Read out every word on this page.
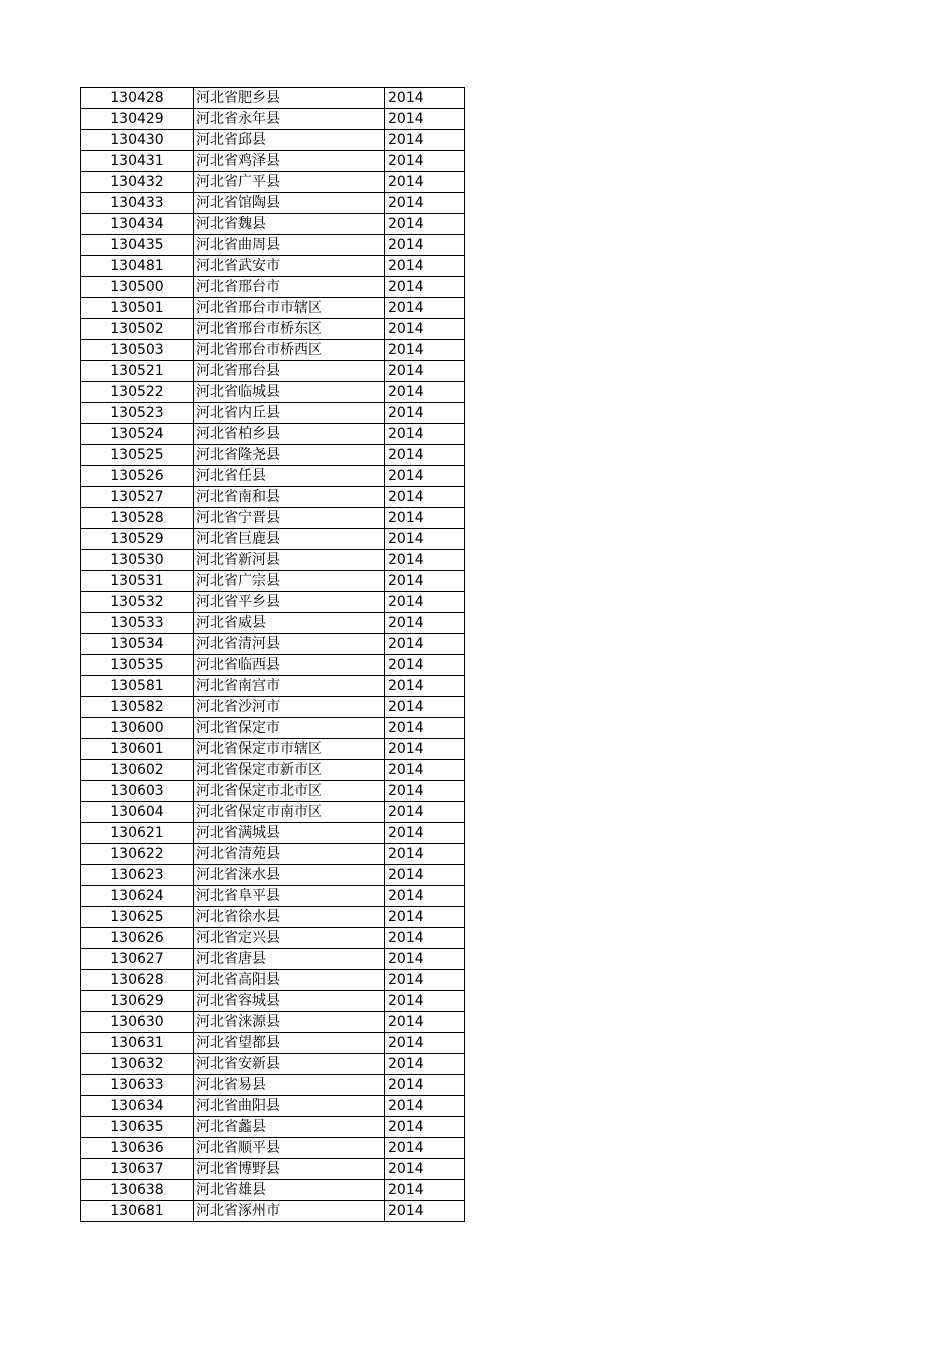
130428	河北省肥乡县	2014
130429	河北省永年县	2014
130430	河北省邱县	2014
130431	河北省鸡泽县	2014
130432	河北省广平县	2014
130433	河北省馆陶县	2014
130434	河北省魏县	2014
130435	河北省曲周县	2014
130481	河北省武安市	2014
130500	河北省邢台市	2014
130501	河北省邢台市市辖区	2014
130502	河北省邢台市桥东区	2014
130503	河北省邢台市桥西区	2014
130521	河北省邢台县	2014
130522	河北省临城县	2014
130523	河北省内丘县	2014
130524	河北省柏乡县	2014
130525	河北省隆尧县	2014
130526	河北省任县	2014
130527	河北省南和县	2014
130528	河北省宁晋县	2014
130529	河北省巨鹿县	2014
130530	河北省新河县	2014
130531	河北省广宗县	2014
130532	河北省平乡县	2014
130533	河北省威县	2014
130534	河北省清河县	2014
130535	河北省临西县	2014
130581	河北省南宫市	2014
130582	河北省沙河市	2014
130600	河北省保定市	2014
130601	河北省保定市市辖区	2014
130602	河北省保定市新市区	2014
130603	河北省保定市北市区	2014
130604	河北省保定市南市区	2014
130621	河北省满城县	2014
130622	河北省清苑县	2014
130623	河北省涞水县	2014
130624	河北省阜平县	2014
130625	河北省徐水县	2014
130626	河北省定兴县	2014
130627	河北省唐县	2014
130628	河北省高阳县	2014
130629	河北省容城县	2014
130630	河北省涞源县	2014
130631	河北省望都县	2014
130632	河北省安新县	2014
130633	河北省易县	2014
130634	河北省曲阳县	2014
130635	河北省蠡县	2014
130636	河北省顺平县	2014
130637	河北省博野县	2014
130638	河北省雄县	2014
130681	河北省涿州市	2014
